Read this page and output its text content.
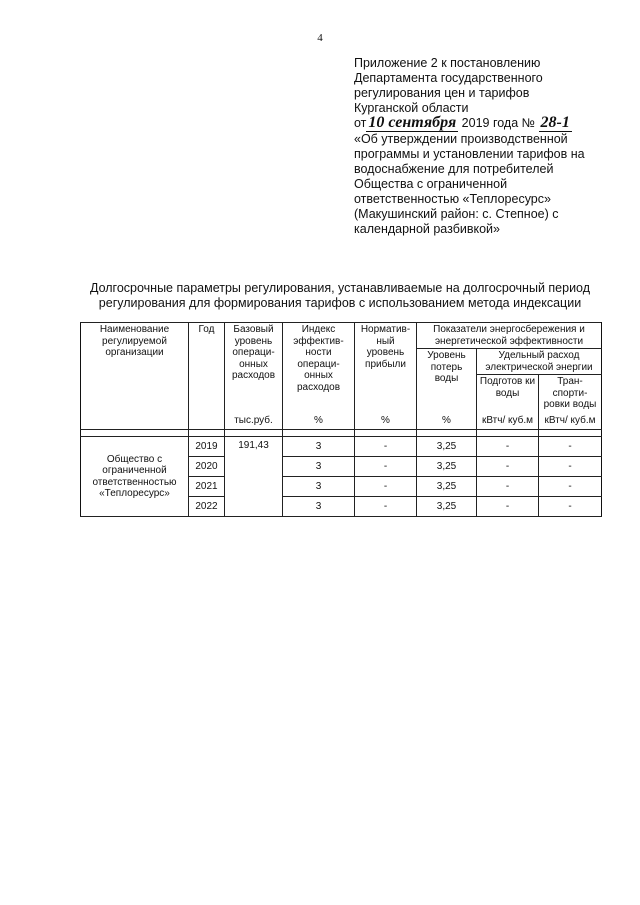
4
Приложение 2 к постановлению
Департамента государственного
регулирования цен и тарифов
Курганской области
от 10 сентября 2019 года № 28-1
«Об утверждении производственной
программы и установлении тарифов на
водоснабжение для потребителей
Общества с ограниченной
ответственностью «Теплоресурс»
(Макушинский район: с. Степное) с
календарной разбивкой»
Долгосрочные параметры регулирования, устанавливаемые на долгосрочный период
регулирования для формирования тарифов с использованием метода индексации
Наименование регулируемой организации	Год	Базовый уровень операци-онных расходов	Индекс эффектив-ности операци-онных расходов	Норматив-ный уровень прибыли	Показатели энергосбережения и энергетической эффективности		
					Уровень потерь воды	Удельный расход электрической энергии	
						Подготов ки воды	Тран-спорти-ровки воды
		тыс.руб.	%	%	%	кВтч/ куб.м	кВтч/ куб.м

Общество с ограниченной ответственностью «Теплоресурс»	2019	191,43	3	-	3,25	-	-
	2020		3	-	3,25	-	-
	2021		3	-	3,25	-	-
	2022		3	-	3,25	-	-
